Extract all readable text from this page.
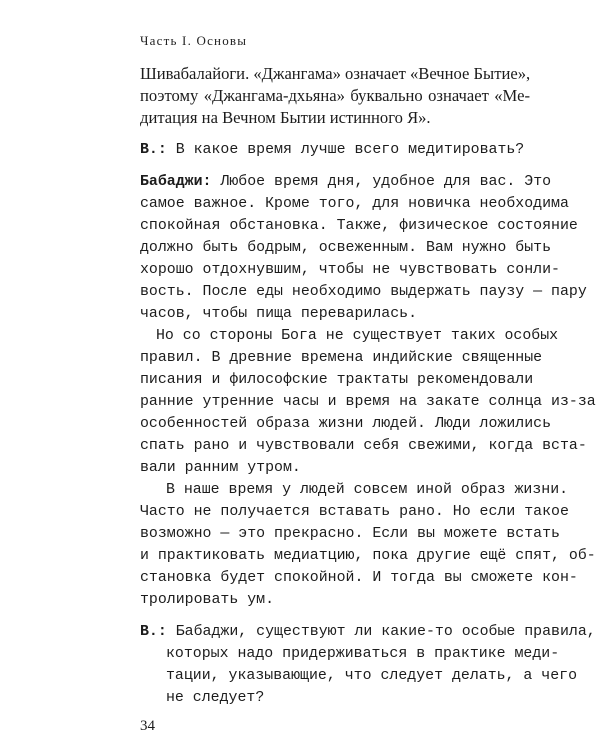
Часть I. Основы
Шивабалайоги. «Джангама» означает «Вечное Бытие»,
поэтому «Джангама-дхьяна» буквально означает «Ме-
дитация на Вечном Бытии истинного Я».
В.: В какое время лучше всего медитировать?
Бабаджи: Любое время дня, удобное для вас. Это
самое важное. Кроме того, для новичка необходима
спокойная обстановка. Также, физическое состояние
должно быть бодрым, освеженным. Вам нужно быть
хорошо отдохнувшим, чтобы не чувствовать сонли-
вость. После еды необходимо выдержать паузу — пару
часов, чтобы пища переварилась.
Но со стороны Бога не существует таких особых
правил. В древние времена индийские священные
писания и философские трактаты рекомендовали
ранние утренние часы и время на закате солнца из-за
особенностей образа жизни людей. Люди ложились
спать рано и чувствовали себя свежими, когда вста-
вали ранним утром.
В наше время у людей совсем иной образ жизни.
Часто не получается вставать рано. Но если такое
возможно — это прекрасно. Если вы можете встать
и практиковать медиатцию, пока другие ещё спят, об-
становка будет спокойной. И тогда вы сможете кон-
тролировать ум.
В.: Бабаджи, существуют ли какие-то особые правила,
которых надо придерживаться в практике меди-
тации, указывающие, что следует делать, а чего
не следует?
34
